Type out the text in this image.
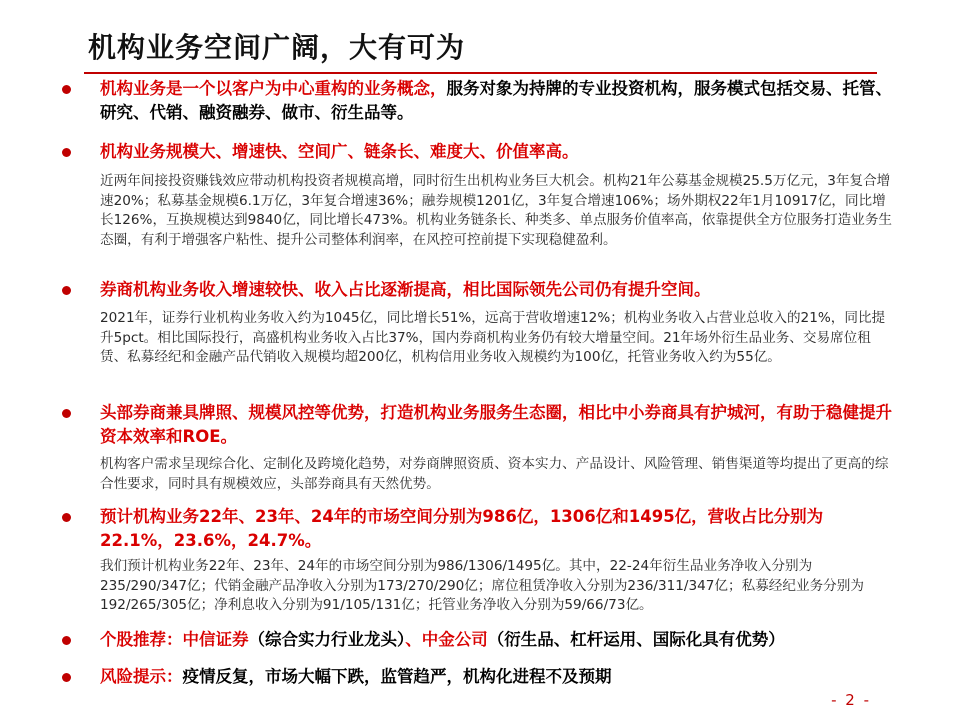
机构业务空间广阔，大有可为
机构业务是一个以客户为中心重构的业务概念，服务对象为持牌的专业投资机构，服务模式包括交易、托管、研究、代销、融资融券、做市、衍生品等。
机构业务规模大、增速快、空间广、链条长、难度大、价值率高。
近两年间接投资赚钱效应带动机构投资者规模高增，同时衍生出机构业务巨大机会。机构21年公募基金规模25.5万亿元，3年复合增速20%；私募基金规模6.1万亿，3年复合增速36%；融券规模1201亿，3年复合增速106%；场外期权22年1月10917亿，同比增长126%，互换规模达到9840亿，同比增长473%。机构业务链条长、种类多、单点服务价值率高，依靠提供全方位服务打造业务生态圈，有利于增强客户粘性、提升公司整体利润率，在风控可控前提下实现稳健盈利。
券商机构业务收入增速较快、收入占比逐渐提高，相比国际领先公司仍有提升空间。
2021年，证券行业机构业务收入约为1045亿，同比增长51%，远高于营收增速12%；机构业务收入占营业总收入的21%，同比提升5pct。相比国际投行，高盛机构业务收入占比37%，国内券商机构业务仍有较大增量空间。21年场外衍生品业务、交易席位租赁、私募经纪和金融产品代销收入规模均超200亿，机构信用业务收入规模约为100亿，托管业务收入约为55亿。
头部券商兼具牌照、规模风控等优势，打造机构业务服务生态圈，相比中小券商具有护城河，有助于稳健提升资本效率和ROE。
机构客户需求呈现综合化、定制化及跨境化趋势，对券商牌照资质、资本实力、产品设计、风险管理、销售渠道等均提出了更高的综合性要求，同时具有规模效应，头部券商具有天然优势。
预计机构业务22年、23年、24年的市场空间分别为986亿，1306亿和1495亿，营收占比分别为22.1%，23.6%，24.7%。
我们预计机构业务22年、23年、24年的市场空间分别为986/1306/1495亿。其中，22-24年衍生品业务净收入分别为235/290/347亿；代销金融产品净收入分别为173/270/290亿；席位租赁净收入分别为236/311/347亿；私募经纪业务分别为192/265/305亿；净利息收入分别为91/105/131亿；托管业务净收入分别为59/66/73亿。
个股推荐：中信证券（综合实力行业龙头）、中金公司（衍生品、杠杆运用、国际化具有优势）
风险提示：疫情反复，市场大幅下跌，监管趋严，机构化进程不及预期
- 2 -
